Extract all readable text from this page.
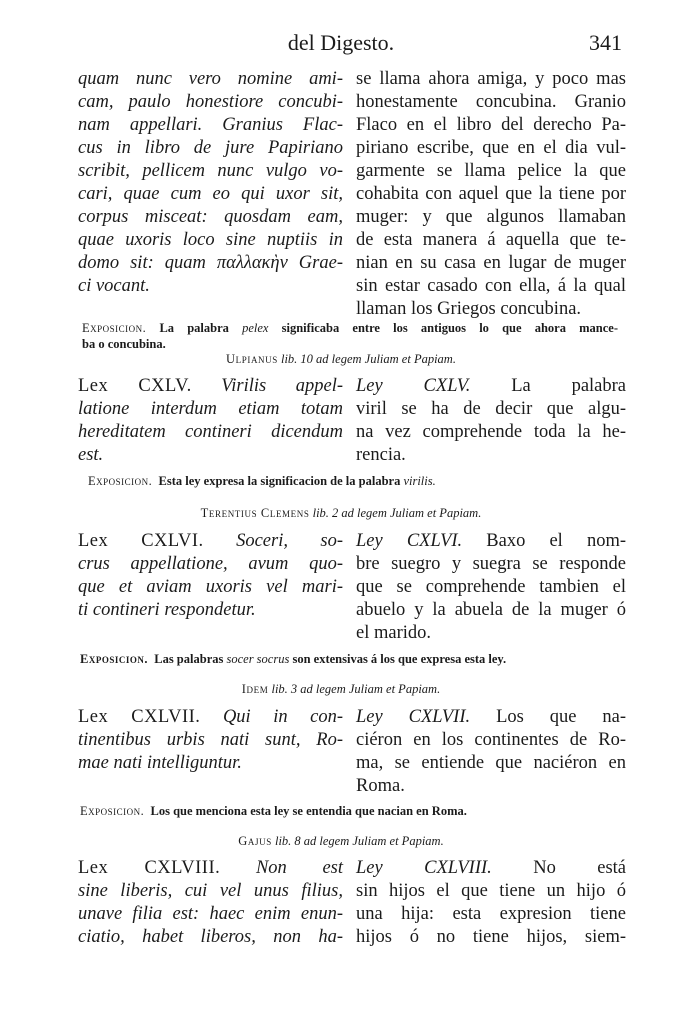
del Digesto.	341
quam nunc vero nomine ami-
cam, paulo honestiore concubi-
nam appellari. Granius Flac-
cus in libro de jure Papiriano
scribit, pellicem nunc vulgo vo-
cari, quae cum eo qui uxor sit,
corpus misceat: quosdam eam,
quae uxoris loco sine nuptiis in
domo sit: quam παλλακὴν Grae-
ci vocant.
se llama ahora amiga, y poco mas
honestamente concubina. Granio
Flaco en el libro del derecho Pa-
piriano escribe, que en el dia vul-
garmente se llama pelice la que
cohabita con aquel que la tiene por
muger: y que algunos llamaban
de esta manera á aquella que te-
nian en su casa en lugar de muger
sin estar casado con ella, á la qual
llaman los Griegos concubina.
Exposicion. La palabra pelex significaba entre los antiguos lo que ahora mance-
ba o concubina.
Ulpianus lib. 10 ad legem Juliam et Papiam.
Lex CXLV. Virilis appel-
latione interdum etiam totam
hereditatem contineri dicendum
est.
Ley CXLV. La palabra
viril se ha de decir que algu-
na vez comprehende toda la he-
rencia.
Exposicion. Esta ley expresa la significacion de la palabra virilis.
Terentius Clemens lib. 2 ad legem Juliam et Papiam.
Lex CXLVI. Soceri, so-
crus appellatione, avum quo-
que et aviam uxoris vel mari-
ti contineri respondetur.
Ley CXLVI. Baxo el nom-
bre suegro y suegra se responde
que se comprehende tambien el
abuelo y la abuela de la muger ó
el marido.
Exposicion. Las palabras socer socrus son extensivas á los que expresa esta ley.
Idem lib. 3 ad legem Juliam et Papiam.
Lex CXLVII. Qui in con-
tinentibus urbis nati sunt, Ro-
mae nati intelliguntur.
Ley CXLVII. Los que na-
ciéron en los continentes de Ro-
ma, se entiende que naciéron en
Roma.
Exposicion. Los que menciona esta ley se entendia que nacian en Roma.
Gajus lib. 8 ad legem Juliam et Papiam.
Lex CXLVIII. Non est
sine liberis, cui vel unus filius,
unave filia est: haec enim enun-
ciatio, habet liberos, non ha-
Ley CXLVIII. No está
sin hijos el que tiene un hijo ó
una hija: esta expresion tiene
hijos ó no tiene hijos, siem-
